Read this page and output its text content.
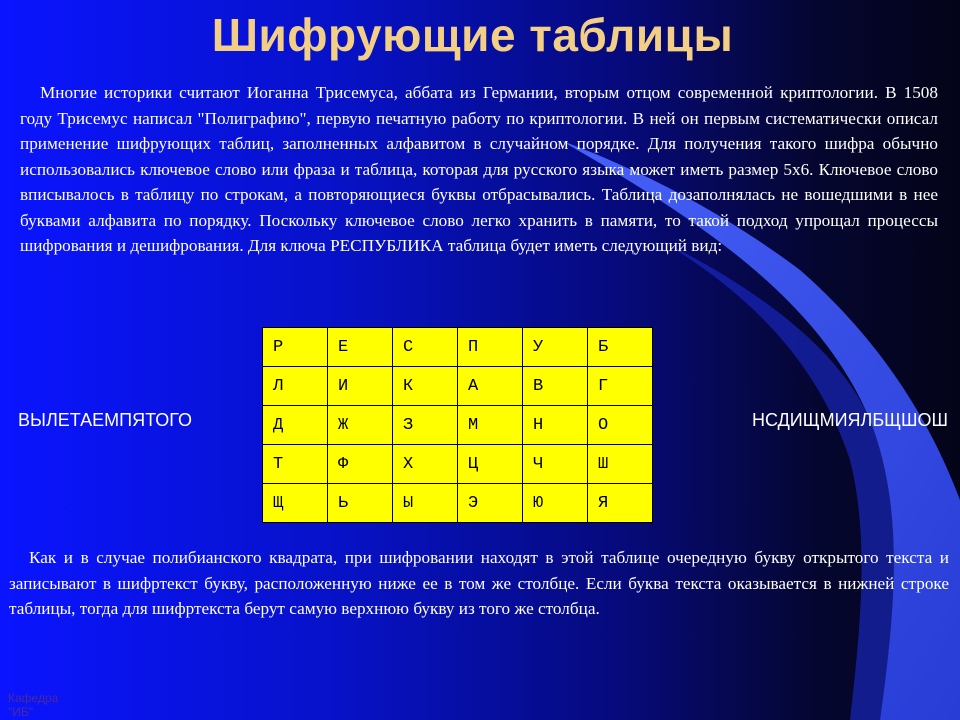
Шифрующие таблицы

Многие историки считают Иоганна Трисемуса, аббата из Германии, вторым отцом современной криптологии. В 1508 году Трисемус написал "Полиграфию", первую печатную работу по криптологии. В ней он первым систематически описал применение шифрующих таблиц, заполненных алфавитом в случайном порядке. Для получения такого шифра обычно использовались ключевое слово или фраза и таблица, которая для русского языка может иметь размер 5х6. Ключевое слово вписывалось в таблицу по строкам, а повторяющиеся буквы отбрасывались. Таблица дозаполнялась не вошедшими в нее буквами алфавита по порядку. Поскольку ключевое слово легко хранить в памяти, то такой подход упрощал процессы шифрования и дешифрования. Для ключа РЕСПУБЛИКА таблица будет иметь следующий вид:

ВЫЛЕТАЕМПЯТОГО
Р	Е	С	П	У	Б
Л	И	К	А	В	Г
Д	Ж	З	М	Н	О
Т	Ф	Х	Ц	Ч	Ш
Щ	Ь	Ы	Э	Ю	Я
НСДИЩМИЯЛБЩШОШ

Как и в случае полибианского квадрата, при шифровании находят в этой таблице очередную букву открытого текста и записывают в шифртекст букву, расположенную ниже ее в том же столбце. Если буква текста оказывается в нижней строке таблицы, тогда для шифртекста берут самую верхнюю букву из того же столбца.

Кафедра
"ИБ"
